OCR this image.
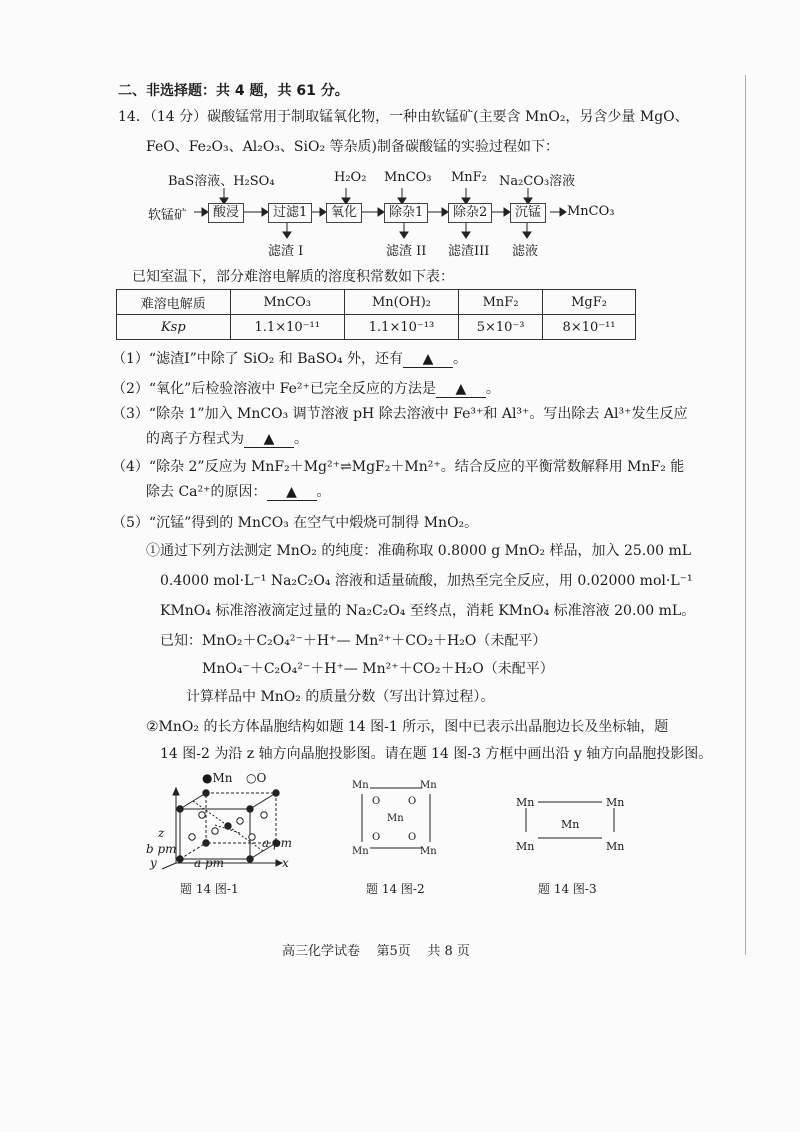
二、非选择题：共 4 题，共 61 分。
14．（14 分）碳酸锰常用于制取锰氧化物，一种由软锰矿(主要含 MnO₂，另含少量 MgO、
FeO、Fe₂O₃、Al₂O₃、SiO₂ 等杂质)制备碳酸锰的实验过程如下：
BaS溶液、H₂SO₄	H₂O₂ MnCO₃ MnF₂ Na₂CO₃溶液
软锰矿	酸浸	过滤1	氧化	除杂1	除杂2	沉锰	MnCO₃
滤渣 I	滤渣 II 滤渣III 滤液
已知室温下，部分难溶电解质的溶度积常数如下表：
难溶电解质	MnCO₃	Mn(OH)₂	MnF₂	MgF₂
Ksp	1.1×10⁻¹¹	1.1×10⁻¹³	5×10⁻³	8×10⁻¹¹
（1）“滤渣I”中除了 SiO₂ 和 BaSO₄ 外，还有 ▲ 。
（2）“氧化”后检验溶液中 Fe²⁺已完全反应的方法是 ▲ 。
（3）“除杂 1”加入 MnCO₃ 调节溶液 pH 除去溶液中 Fe³⁺和 Al³⁺。写出除去 Al³⁺发生反应
的离子方程式为 ▲ 。
（4）“除杂 2”反应为 MnF₂＋Mg²⁺⇌MgF₂＋Mn²⁺。结合反应的平衡常数解释用 MnF₂ 能
除去 Ca²⁺的原因： ▲ 。
（5）“沉锰”得到的 MnCO₃ 在空气中煅烧可制得 MnO₂。
①通过下列方法测定 MnO₂ 的纯度：准确称取 0.8000 g MnO₂ 样品，加入 25.00 mL
0.4000 mol·L⁻¹ Na₂C₂O₄ 溶液和适量硫酸，加热至完全反应，用 0.02000 mol·L⁻¹
KMnO₄ 标准溶液滴定过量的 Na₂C₂O₄ 至终点，消耗 KMnO₄ 标准溶液 20.00 mL。
已知：MnO₂＋C₂O₄²⁻＋H⁺— Mn²⁺＋CO₂＋H₂O（未配平）
MnO₄⁻＋C₂O₄²⁻＋H⁺— Mn²⁺＋CO₂＋H₂O（未配平）
计算样品中 MnO₂ 的质量分数（写出计算过程）。
②MnO₂ 的长方体晶胞结构如题 14 图-1 所示，图中已表示出晶胞边长及坐标轴，题
14 图-2 为沿 z 轴方向晶胞投影图。请在题 14 图-3 方框中画出沿 y 轴方向晶胞投影图。
●Mn ○O
z
y	x
b pm	a pm
a pm
题 14 图-1
Mn	Mn
Mn	Mn
Mn
O	O
O	O
题 14 图-2
Mn	Mn
Mn	Mn
Mn
题 14 图-3
高三化学试卷    第5页    共 8 页
